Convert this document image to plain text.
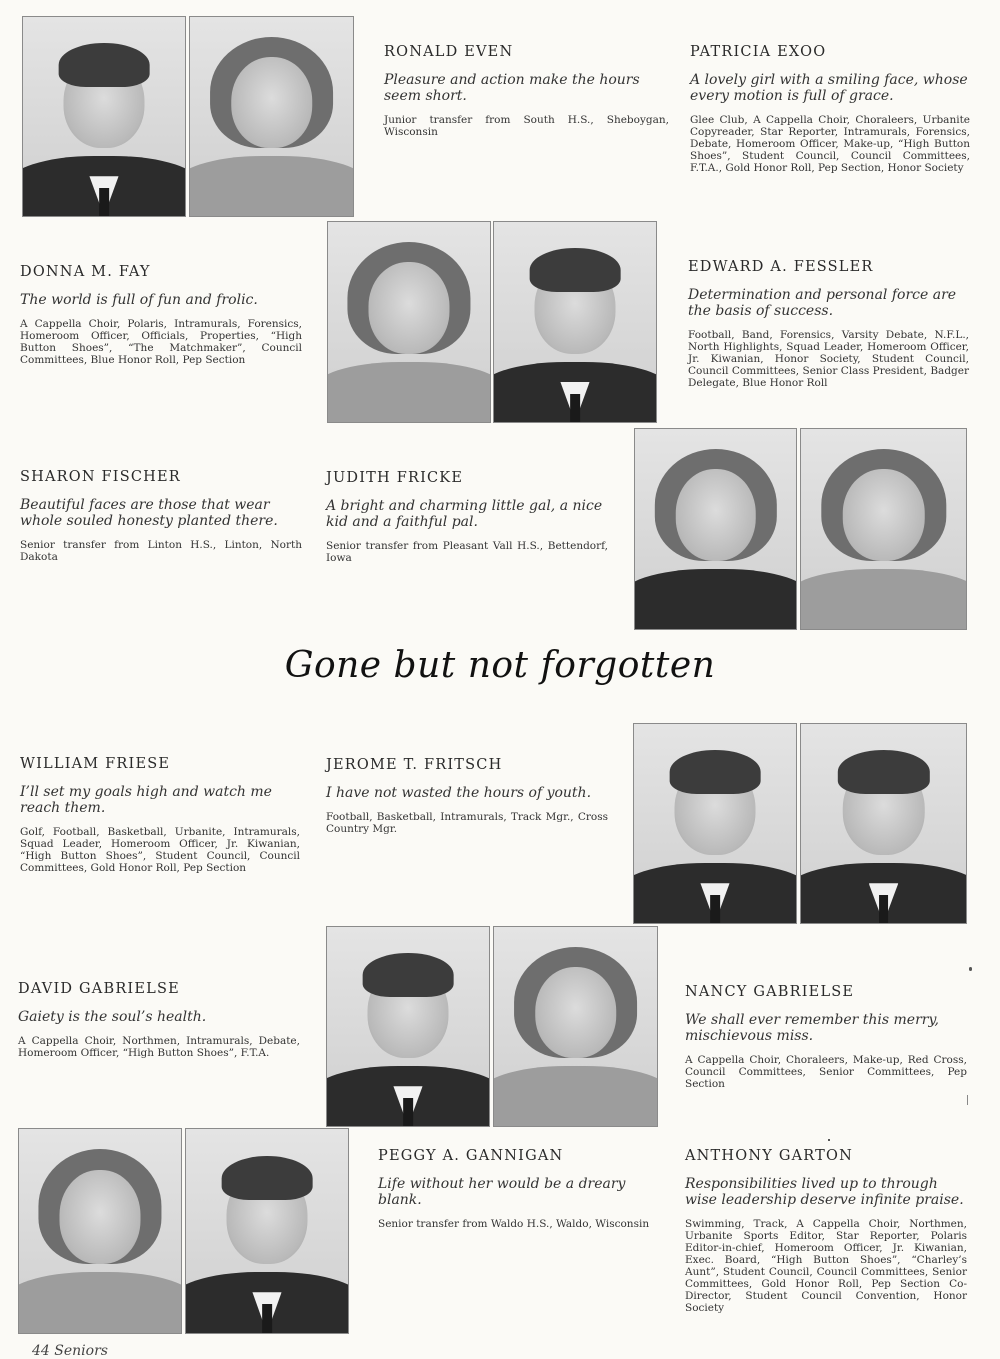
RONALD EVEN
Pleasure and action make the hours seem short.
Junior transfer from South H.S., Sheboygan, Wisconsin
PATRICIA EXOO
A lovely girl with a smiling face, whose every motion is full of grace.
Glee Club, A Cappella Choir, Choraleers, Urbanite Copyreader, Star Reporter, Intramurals, Forensics, Debate, Homeroom Officer, Make-up, “High Button Shoes”, Student Council, Council Committees, F.T.A., Gold Honor Roll, Pep Section, Honor Society
DONNA M. FAY
The world is full of fun and frolic.
A Cappella Choir, Polaris, Intramurals, Forensics, Homeroom Officer, Officials, Properties, “High Button Shoes”, “The Matchmaker”, Council Committees, Blue Honor Roll, Pep Section
EDWARD A. FESSLER
Determination and personal force are the basis of success.
Football, Band, Forensics, Varsity Debate, N.F.L., North Highlights, Squad Leader, Homeroom Officer, Jr. Kiwanian, Honor Society, Student Council, Council Committees, Senior Class President, Badger Delegate, Blue Honor Roll
SHARON FISCHER
Beautiful faces are those that wear whole souled honesty planted there.
Senior transfer from Linton H.S., Linton, North Dakota
JUDITH FRICKE
A bright and charming little gal, a nice kid and a faithful pal.
Senior transfer from Pleasant Vall H.S., Bettendorf, Iowa
Gone but not forgotten
WILLIAM FRIESE
I’ll set my goals high and watch me reach them.
Golf, Football, Basketball, Urbanite, Intramurals, Squad Leader, Homeroom Officer, Jr. Kiwanian, “High Button Shoes”, Student Council, Council Committees, Gold Honor Roll, Pep Section
JEROME T. FRITSCH
I have not wasted the hours of youth.
Football, Basketball, Intramurals, Track Mgr., Cross Country Mgr.
DAVID GABRIELSE
Gaiety is the soul’s health.
A Cappella Choir, Northmen, Intramurals, Debate, Homeroom Officer, “High Button Shoes”, F.T.A.
NANCY GABRIELSE
We shall ever remember this merry, mischievous miss.
A Cappella Choir, Choraleers, Make-up, Red Cross, Council Committees, Senior Committees, Pep Section
PEGGY A. GANNIGAN
Life without her would be a dreary blank.
Senior transfer from Waldo H.S., Waldo, Wisconsin
ANTHONY GARTON
Responsibilities lived up to through wise leadership deserve infinite praise.
Swimming, Track, A Cappella Choir, Northmen, Urbanite Sports Editor, Star Reporter, Polaris Editor-in-chief, Homeroom Officer, Jr. Kiwanian, Exec. Board, “High Button Shoes”, “Charley’s Aunt”, Student Council, Council Committees, Senior Committees, Gold Honor Roll, Pep Section Co-Director, Student Council Convention, Honor Society
44 Seniors
